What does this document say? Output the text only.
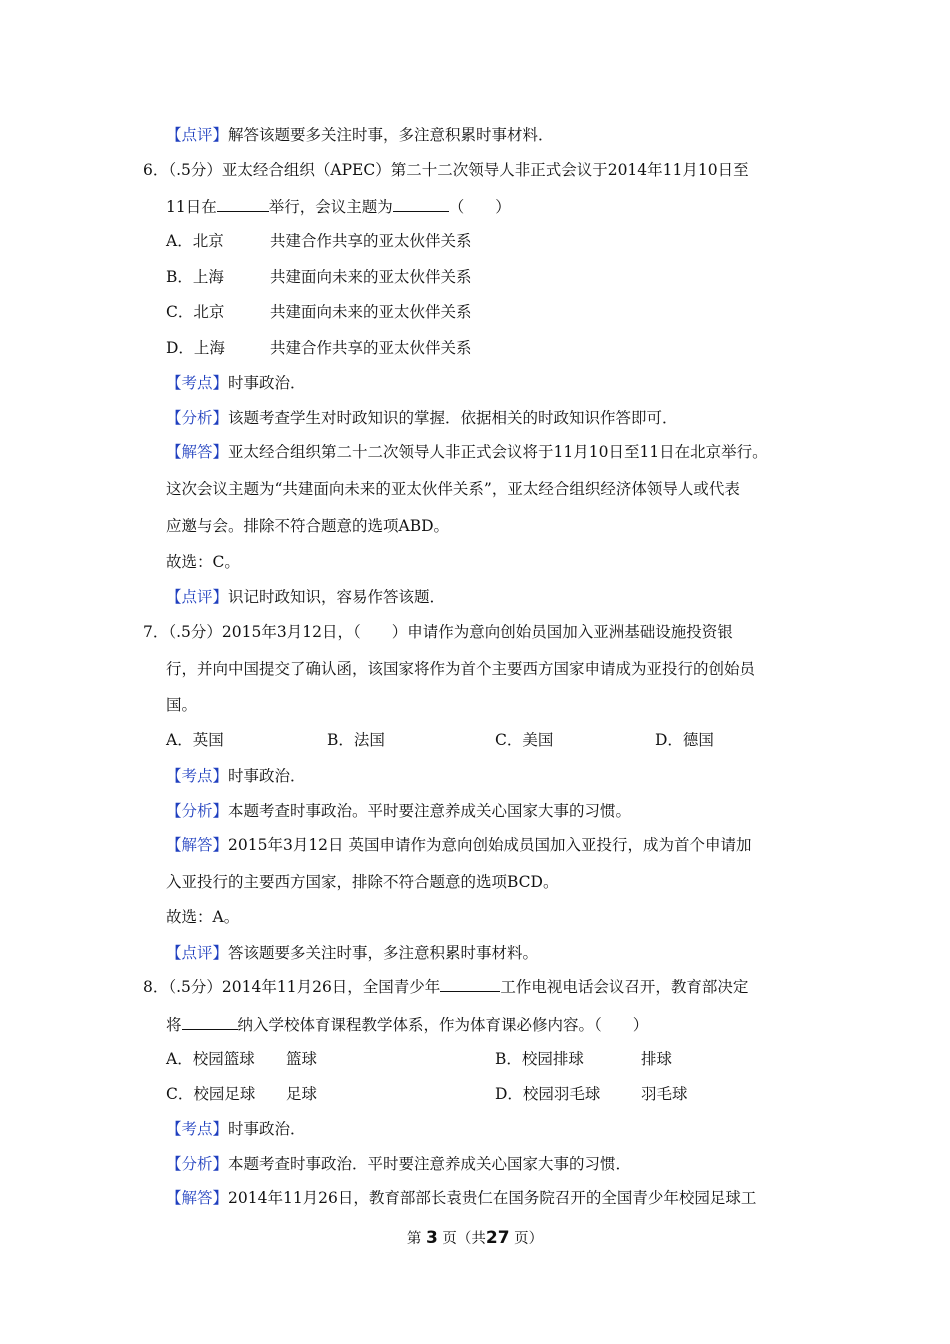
【点评】解答该题要多关注时事，多注意积累时事材料．
6．（.5分）亚太经合组织（APEC）第二十二次领导人非正式会议于2014年11月10日至
11日在	举行，会议主题为	（　　）
A．北京	共建合作共享的亚太伙伴关系
B．上海	共建面向未来的亚太伙伴关系
C．北京	共建面向未来的亚太伙伴关系
D．上海	共建合作共享的亚太伙伴关系
【考点】时事政治．
【分析】该题考查学生对时政知识的掌握．依据相关的时政知识作答即可．
【解答】亚太经合组织第二十二次领导人非正式会议将于11月10日至11日在北京举行。
这次会议主题为“共建面向未来的亚太伙伴关系”，亚太经合组织经济体领导人或代表
应邀与会。排除不符合题意的选项ABD。
故选：C。
【点评】识记时政知识，容易作答该题．
7．（.5分）2015年3月12日，（　　）申请作为意向创始员国加入亚洲基础设施投资银
行，并向中国提交了确认函，该国家将作为首个主要西方国家申请成为亚投行的创始员
国。
A．英国	B．法国	C．美国	D．德国
【考点】时事政治．
【分析】本题考查时事政治。平时要注意养成关心国家大事的习惯。
【解答】2015年3月12日 英国申请作为意向创始成员国加入亚投行，成为首个申请加
入亚投行的主要西方国家，排除不符合题意的选项BCD。
故选：A。
【点评】答该题要多关注时事，多注意积累时事材料。
8．（.5分）2014年11月26日，全国青少年	工作电视电话会议召开，教育部决定
将	纳入学校体育课程教学体系，作为体育课必修内容。（　　）
A．校园篮球 篮球	B．校园排球	排球
C．校园足球 足球	D．校园羽毛球	羽毛球
【考点】时事政治．
【分析】本题考查时事政治．平时要注意养成关心国家大事的习惯．
【解答】2014年11月26日，教育部部长袁贵仁在国务院召开的全国青少年校园足球工
第 3 页（共27 页）
